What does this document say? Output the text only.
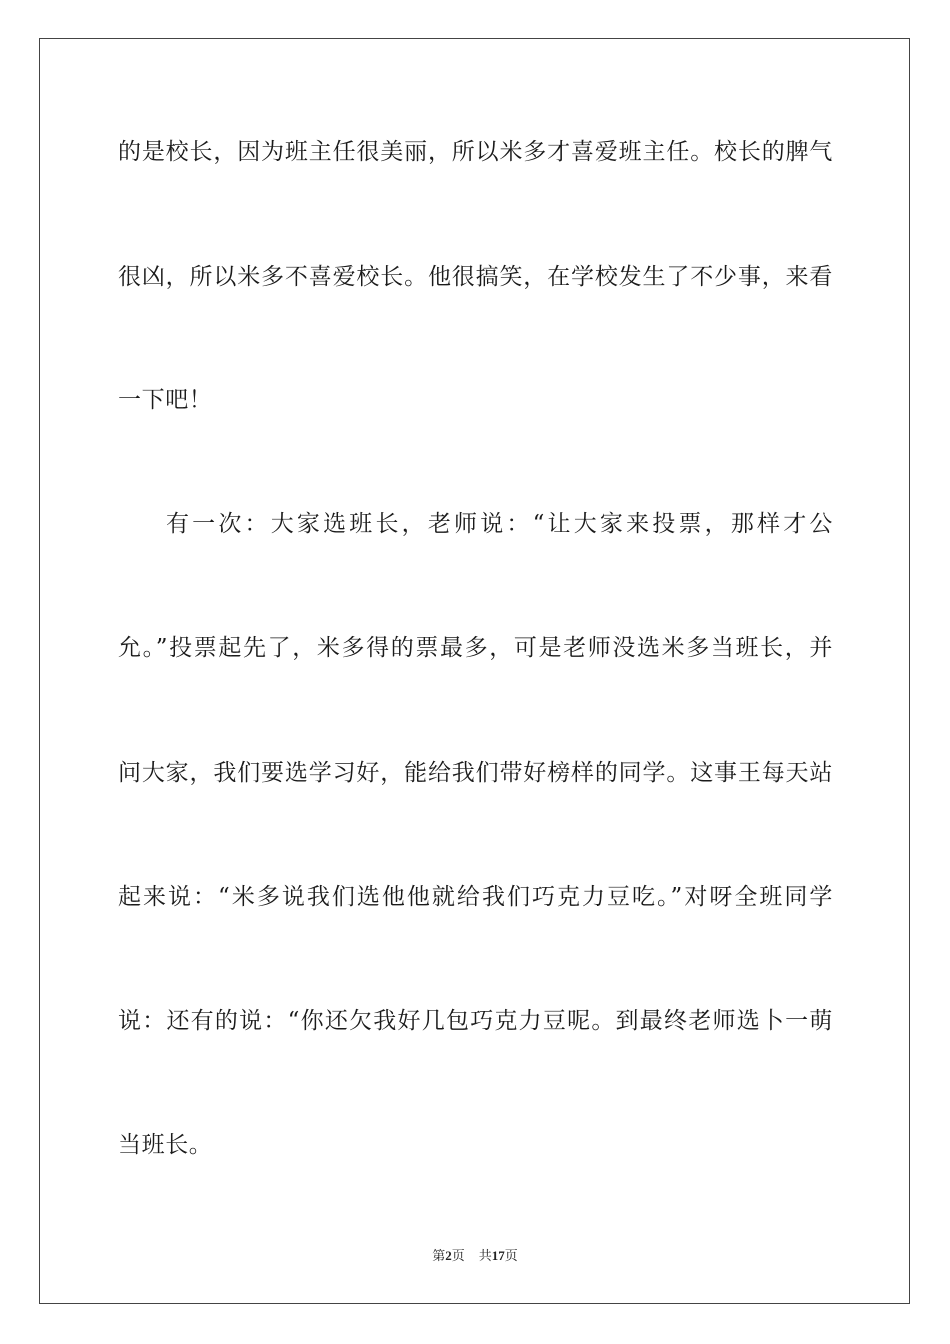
的是校长，因为班主任很美丽，所以米多才喜爱班主任。校长的脾气
很凶，所以米多不喜爱校长。他很搞笑，在学校发生了不少事，来看
一下吧！
有一次：大家选班长，老师说：“让大家来投票，那样才公
允。”投票起先了，米多得的票最多，可是老师没选米多当班长，并
问大家，我们要选学习好，能给我们带好榜样的同学。这事王每天站
起来说：“米多说我们选他他就给我们巧克力豆吃。”对呀全班同学
说：还有的说：“你还欠我好几包巧克力豆呢。到最终老师选卜一萌
当班长。
第2页 共17页
